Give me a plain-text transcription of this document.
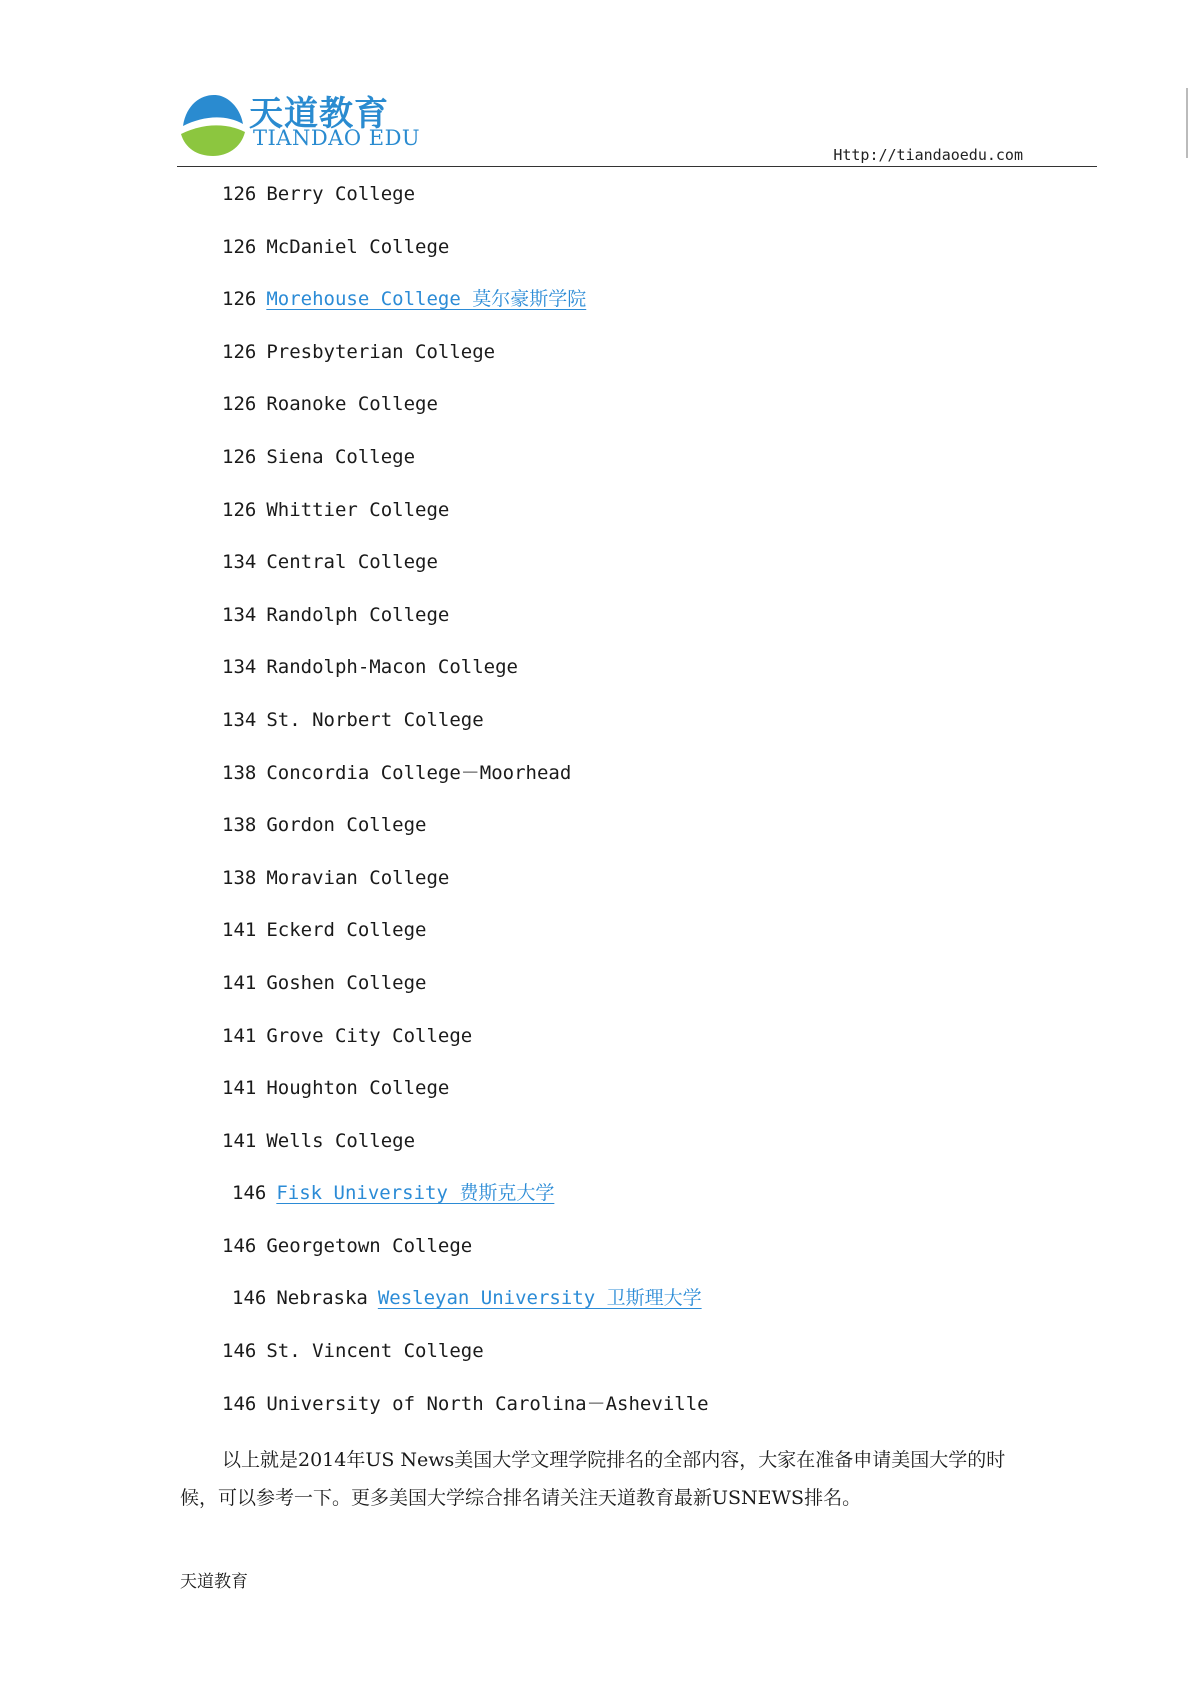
天道教育
TIANDAO EDU
Http://tiandaoedu.com
126 Berry College
126 McDaniel College
126 Morehouse College 莫尔豪斯学院
126 Presbyterian College
126 Roanoke College
126 Siena College
126 Whittier College
134 Central College
134 Randolph College
134 Randolph-Macon College
134 St. Norbert College
138 Concordia College－Moorhead
138 Gordon College
138 Moravian College
141 Eckerd College
141 Goshen College
141 Grove City College
141 Houghton College
141 Wells College
146 Fisk University 费斯克大学
146 Georgetown College
146 Nebraska Wesleyan University 卫斯理大学
146 St. Vincent College
146 University of North Carolina－Asheville

以上就是2014年US News美国大学文理学院排名的全部内容，大家在准备申请美国大学的时候，可以参考一下。更多美国大学综合排名请关注天道教育最新USNEWS排名。

天道教育
